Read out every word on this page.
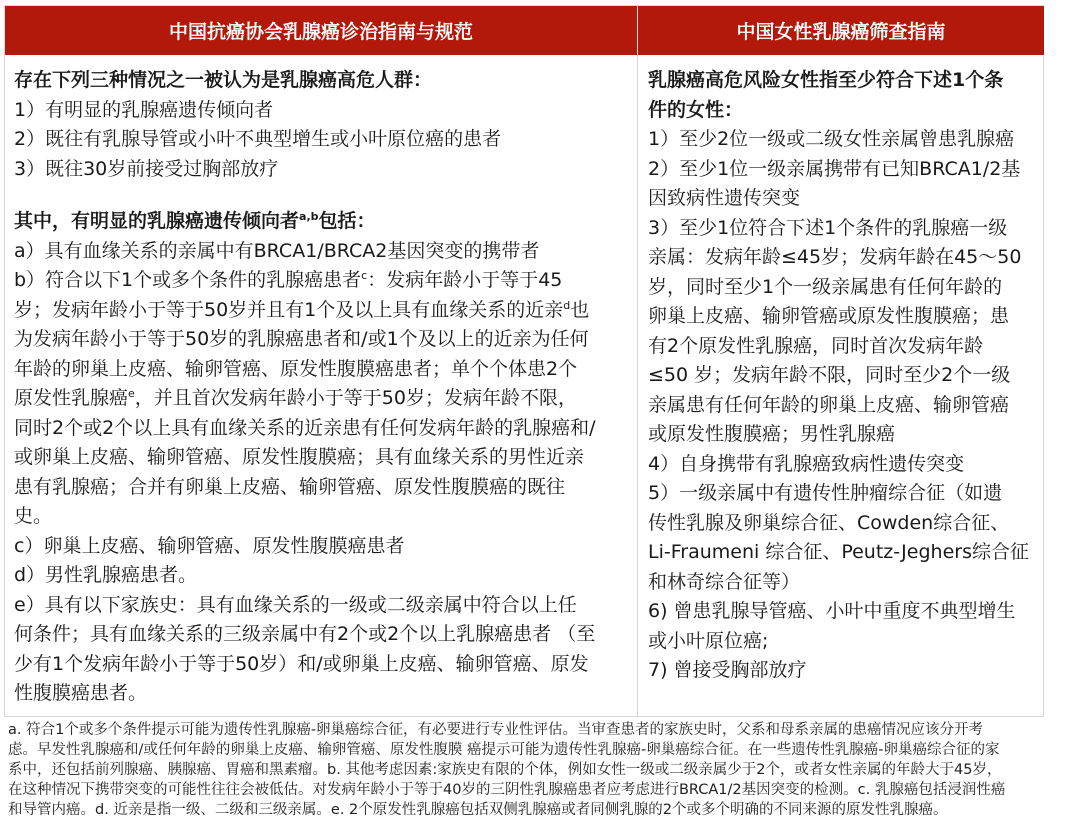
中国抗癌协会乳腺癌诊治指南与规范	中国女性乳腺癌筛查指南
存在下列三种情况之一被认为是乳腺癌高危人群：
1）有明显的乳腺癌遗传倾向者
2）既往有乳腺导管或小叶不典型增生或小叶原位癌的患者
3）既往30岁前接受过胸部放疗
其中，有明显的乳腺癌遗传倾向者$^{a,b}$包括：
a）具有血缘关系的亲属中有BRCA1/BRCA2基因突变的携带者
b）符合以下1个或多个条件的乳腺癌患者$^c$：发病年龄小于等于45
岁；发病年龄小于等于50岁并且有1个及以上具有血缘关系的近亲$^d$也
为发病年龄小于等于50岁的乳腺癌患者和/或1个及以上的近亲为任何
年龄的卵巢上皮癌、输卵管癌、原发性腹膜癌患者；单个个体患2个
原发性乳腺癌$^e$，并且首次发病年龄小于等于50岁；发病年龄不限，
同时2个或2个以上具有血缘关系的近亲患有任何发病年龄的乳腺癌和/
或卵巢上皮癌、输卵管癌、原发性腹膜癌；具有血缘关系的男性近亲
患有乳腺癌；合并有卵巢上皮癌、输卵管癌、原发性腹膜癌的既往
史。
c）卵巢上皮癌、输卵管癌、原发性腹膜癌患者
d）男性乳腺癌患者。
e）具有以下家族史：具有血缘关系的一级或二级亲属中符合以上任
何条件；具有血缘关系的三级亲属中有2个或2个以上乳腺癌患者 （至
少有1个发病年龄小于等于50岁）和/或卵巢上皮癌、输卵管癌、原发
性腹膜癌患者。
乳腺癌高危风险女性指至少符合下述1个条
件的女性：
1）至少2位一级或二级女性亲属曾患乳腺癌
2）至少1位一级亲属携带有已知BRCA1/2基
因致病性遗传突变
3）至少1位符合下述1个条件的乳腺癌一级
亲属：发病年龄≤45岁；发病年龄在45～50
岁，同时至少1个一级亲属患有任何年龄的
卵巢上皮癌、输卵管癌或原发性腹膜癌；患
有2个原发性乳腺癌，同时首次发病年龄
≤50 岁；发病年龄不限，同时至少2个一级
亲属患有任何年龄的卵巢上皮癌、输卵管癌
或原发性腹膜癌；男性乳腺癌
4）自身携带有乳腺癌致病性遗传突变
5）一级亲属中有遗传性肿瘤综合征（如遗
传性乳腺及卵巢综合征、Cowden综合征、
Li-Fraumeni 综合征、Peutz-Jeghers综合征
和林奇综合征等）
6) 曾患乳腺导管癌、小叶中重度不典型增生
或小叶原位癌;
7) 曾接受胸部放疗
a. 符合1个或多个条件提示可能为遗传性乳腺癌-卵巢癌综合征，有必要进行专业性评估。当审查患者的家族史时，父系和母系亲属的患癌情况应该分开考
虑。早发性乳腺癌和/或任何年龄的卵巢上皮癌、输卵管癌、原发性腹膜 癌提示可能为遗传性乳腺癌-卵巢癌综合征。在一些遗传性乳腺癌-卵巢癌综合征的家
系中，还包括前列腺癌、胰腺癌、胃癌和黑素瘤。b. 其他考虑因素:家族史有限的个体，例如女性一级或二级亲属少于2个，或者女性亲属的年龄大于45岁，
在这种情况下携带突变的可能性往往会被低估。对发病年龄小于等于40岁的三阴性乳腺癌患者应考虑进行BRCA1/2基因突变的检测。c. 乳腺癌包括浸润性癌
和导管内癌。d. 近亲是指一级、二级和三级亲属。e. 2个原发性乳腺癌包括双侧乳腺癌或者同侧乳腺的2个或多个明确的不同来源的原发性乳腺癌。
